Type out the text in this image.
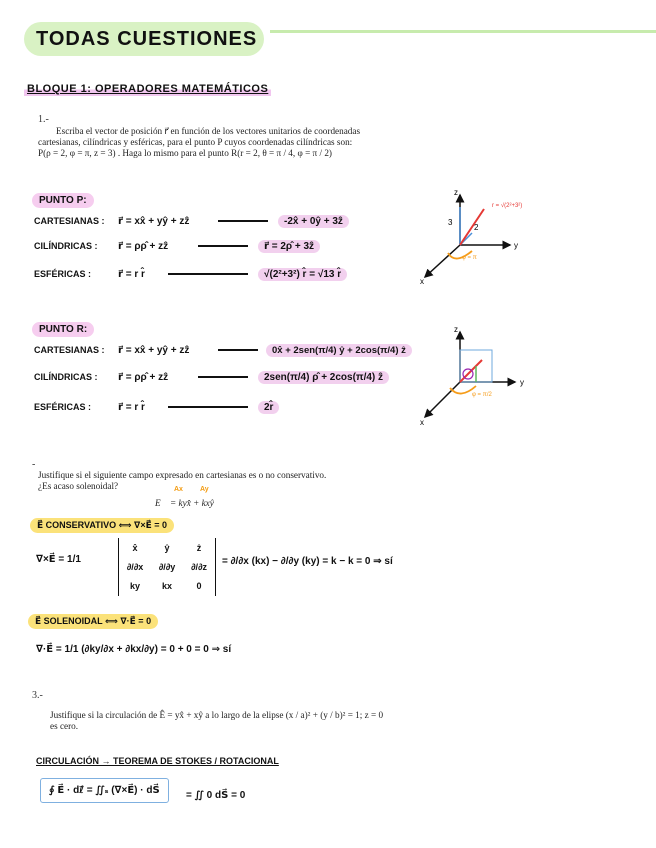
TODAS CUESTIONES
BLOQUE 1: OPERADORES MATEMÁTICOS
1.-
Escriba el vector de posición r⃗ en función de los vectores unitarios de coordenadas
cartesianas, cilíndricas y esféricas, para el punto P cuyos coordenadas cilíndricas son:
P(ρ = 2, φ = π, z = 3) . Haga lo mismo para el punto R(r = 2, θ = π / 4, φ = π / 2)
PUNTO P:
CARTESIANAS :	r⃗ = xx̂ + yŷ + zẑ	-2x̂ + 0ŷ + 3ẑ
CILÍNDRICAS :	r⃗ = ρρ̂ + zẑ	r⃗ = 2ρ̂ + 3ẑ
ESFÉRICAS :	r⃗ = r r̂	√(2²+3²) r̂ = √13 r̂
z
y
x
3
2
φ = π
r = √(2²+3²)
PUNTO R:
CARTESIANAS :	r⃗ = xx̂ + yŷ + zẑ	0x̂ + 2sen(π/4) ŷ + 2cos(π/4) ẑ
CILÍNDRICAS :	r⃗ = ρρ̂ + zẑ	2sen(π/4) ρ̂ + 2cos(π/4) ẑ
ESFÉRICAS :	r⃗ = r r̂	2r̂
z
y
x
φ = π/2
-
Justifique si el siguiente campo expresado en cartesianas es o no conservativo.
¿Es acaso solenoidal?	Ax Ay
E⃗ = kyx̂ + kxŷ
E⃗ CONSERVATIVO ⟺ ∇×E⃗ = 0
∇×E⃗ = 1/1
x̂	ŷ	ẑ
∂/∂x	∂/∂y	∂/∂z
ky	kx	0
= ∂/∂x (kx) − ∂/∂y (ky) = k − k = 0 ⇒ sí
E⃗ SOLENOIDAL ⟺ ∇·E⃗ = 0
∇·E⃗ = 1/1 (∂ky/∂x + ∂kx/∂y) = 0 + 0 = 0 ⇒ sí
3.-
Justifique si la circulación de Ê = yx̂ + xŷ a lo largo de la elipse (x / a)² + (y / b)² = 1; z = 0
es cero.
CIRCULACIÓN → TEOREMA DE STOKES / ROTACIONAL
∮ E⃗ · dℓ⃗ = ∬ₛ (∇×E⃗) · dS⃗	= ∬ 0 dS⃗ = 0
